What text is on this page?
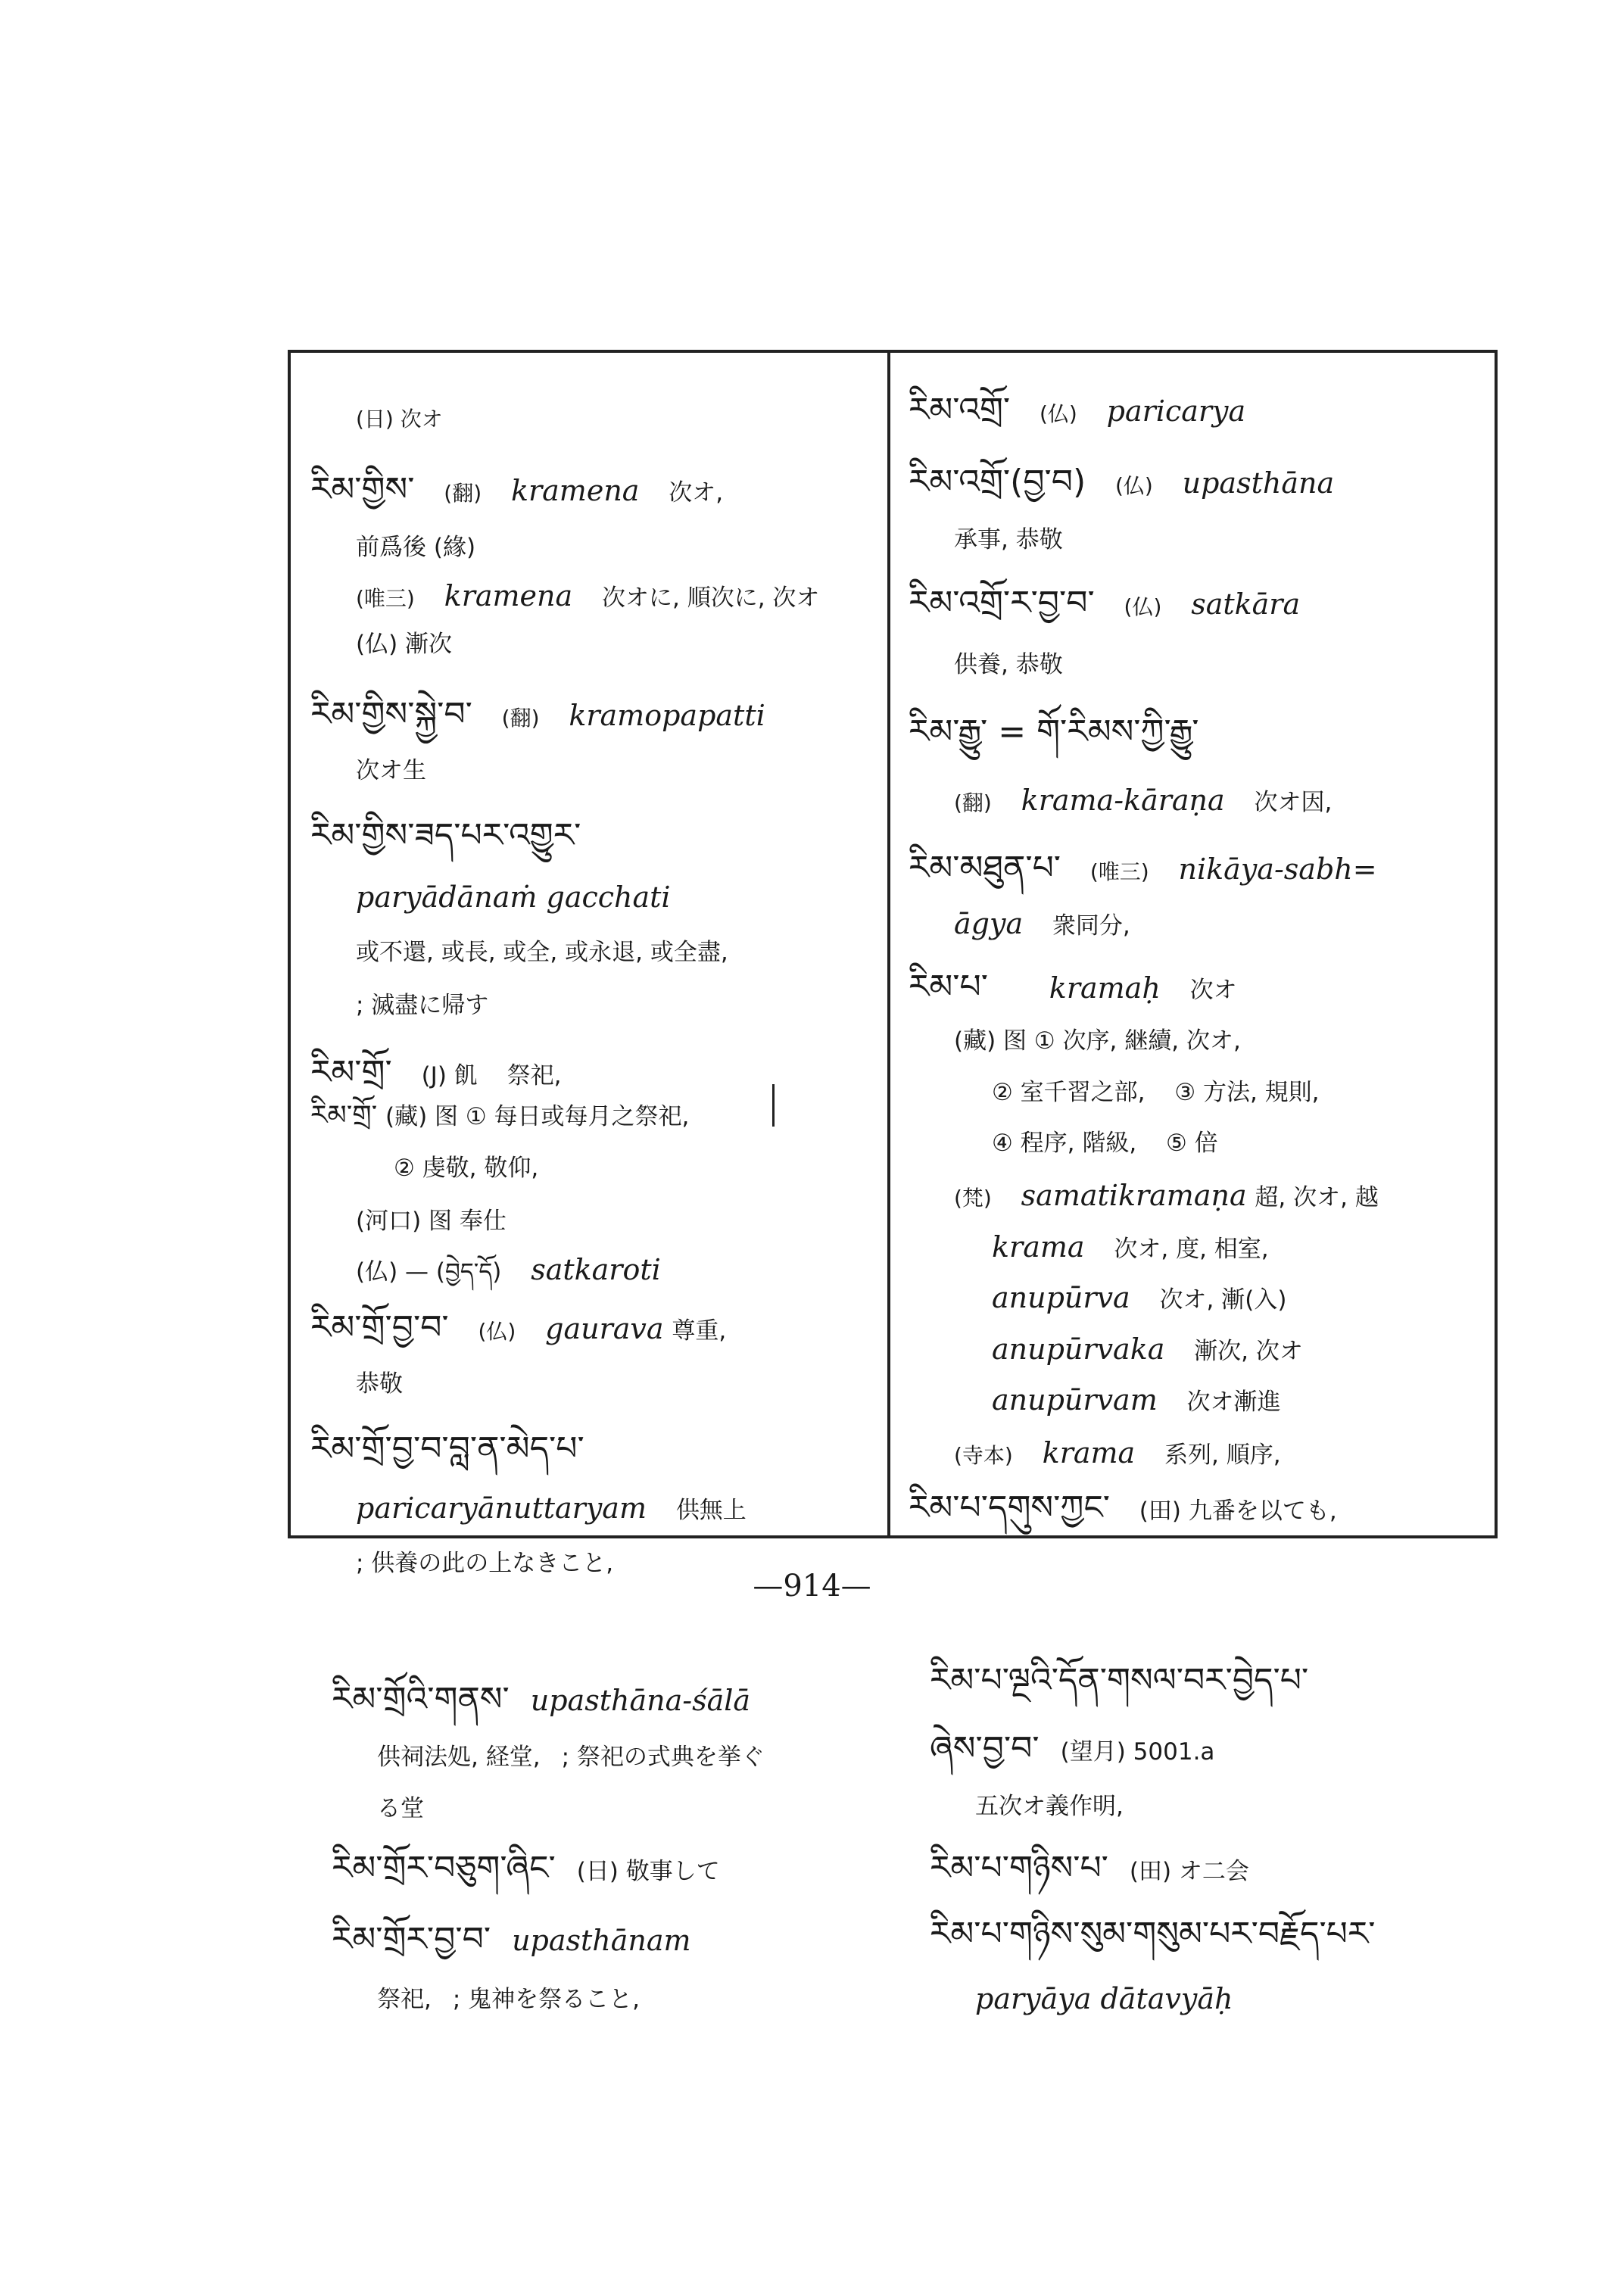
(日) 次オ
རིམ་གྱིས་ (翻) kramena 次オ,
前爲後 (緣)
(唯三) kramena 次オに, 順次に, 次オ
(仏) 漸次
རིམ་གྱིས་སྐྱེ་བ་ (翻) kramopapatti
次オ生
རིམ་གྱིས་ཟད་པར་འགྱུར་
paryādānaṁ gacchati
或不還, 或長, 或全, 或永退, 或全盡,
; 滅盡に帰す
རིམ་གྲོ་ (J) 飢 祭祀,
རིམ་གྲོ་ (藏) 图 ① 每日或每月之祭祀,
② 虔敬, 敬仰,
(河口) 图 奉仕
(仏) — (བྱེད་དོ) satkaroti
རིམ་གྲོ་བྱ་བ་ (仏) gaurava 尊重,
恭敬
རིམ་གྲོ་བྱ་བ་བླ་ན་མེད་པ་
paricaryānuttaryam 供無上
; 供養の此の上なきこと,
རིམ་འགྲོ་ (仏) paricarya
རིམ་འགྲོ་(བྱ་བ) (仏) upasthāna
承事, 恭敬
རིམ་འགྲོ་ར་བྱ་བ་ (仏) satkāra
供養, 恭敬
རིམ་རྒྱུ་ = གོ་རིམས་ཀྱི་རྒྱུ་
(翻) krama-kāraṇa 次オ因,
རིམ་མཐུན་པ་ (唯三) nikāya-sabh=
āgya 衆同分,
རིམ་པ་ kramaḥ 次オ
(藏) 图 ① 次序, 継續, 次オ,
② 室千習之部, ③ 方法, 規則,
④ 程序, 階級, ⑤ 倍
(梵) samatikramaṇa 超, 次オ, 越
krama 次オ, 度, 相室,
anupūrva 次オ, 漸(入)
anupūrvaka 漸次, 次オ
anupūrvam 次オ漸進
(寺本) krama 系列, 順序,
རིམ་པ་དགུས་ཀྱང་ (田) 九番を以ても,
—914—
རིམ་གྲོའི་གནས་ upasthāna-śālā
供祠法処, 経堂, ; 祭祀の式典を挙ぐ
る堂
རིམ་གྲོར་བཅུག་ཞིང་ (日) 敬事して
རིམ་གྲོར་བྱ་བ་ upasthānam
祭祀, ; 鬼神を祭ること,
རིམ་པ་ལྔའི་དོན་གསལ་བར་བྱེད་པ་
ཞེས་བྱ་བ་ (望月) 5001.a
五次オ義作明,
རིམ་པ་གཉིས་པ་ (田) オ二会
རིམ་པ་གཉིས་སུམ་གསུམ་པར་བརྗོད་པར་
paryāya dātavyāḥ
